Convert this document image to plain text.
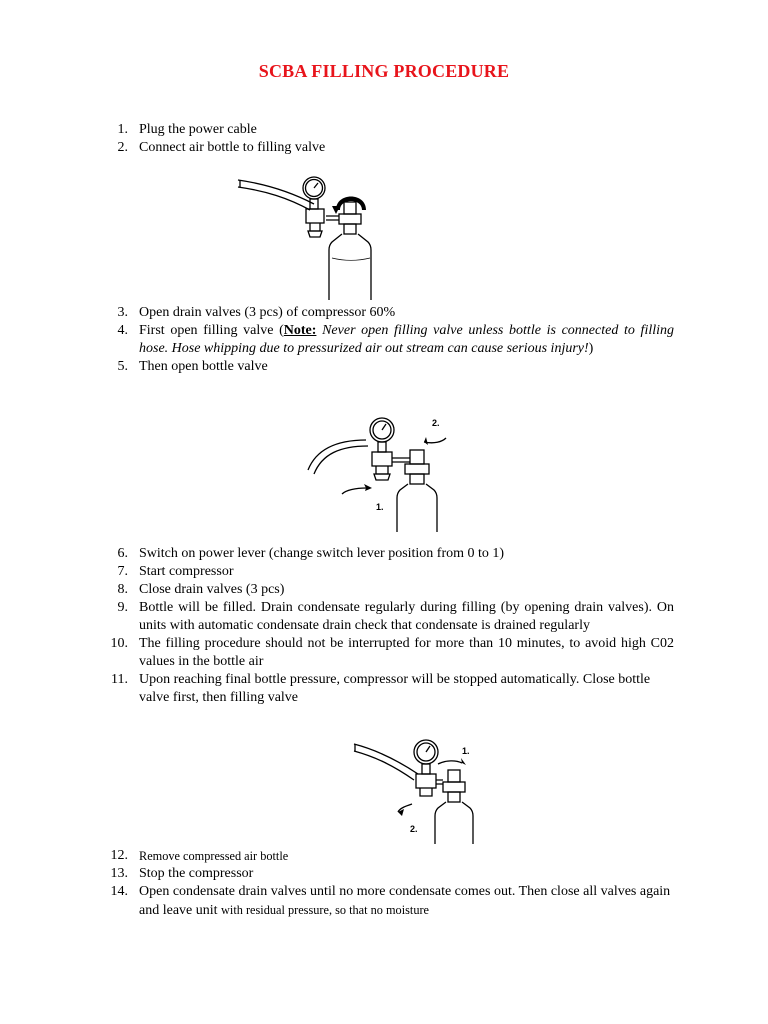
SCBA FILLING PROCEDURE
1. Plug the power cable
2. Connect air bottle to filling valve
3. Open drain valves (3 pcs) of compressor 60%
4. First open filling valve (Note: Never open filling valve unless bottle is connected to filling hose. Hose whipping due to pressurized air out stream can cause serious injury!)
5. Then open bottle valve
2.
1.
6. Switch on power lever (change switch lever position from 0 to 1)
7. Start compressor
8. Close drain valves (3 pcs)
9. Bottle will be filled. Drain condensate regularly during filling (by opening drain valves). On units with automatic condensate drain check that condensate is drained regularly
10. The filling procedure should not be interrupted for more than 10 minutes, to avoid high C02 values in the bottle air
11. Upon reaching final bottle pressure, compressor will be stopped automatically. Close bottle valve first, then filling valve
1.
2.
12. Remove compressed air bottle
13. Stop the compressor
14. Open condensate drain valves until no more condensate comes out. Then close all valves again and leave unit with residual pressure, so that no moisture
